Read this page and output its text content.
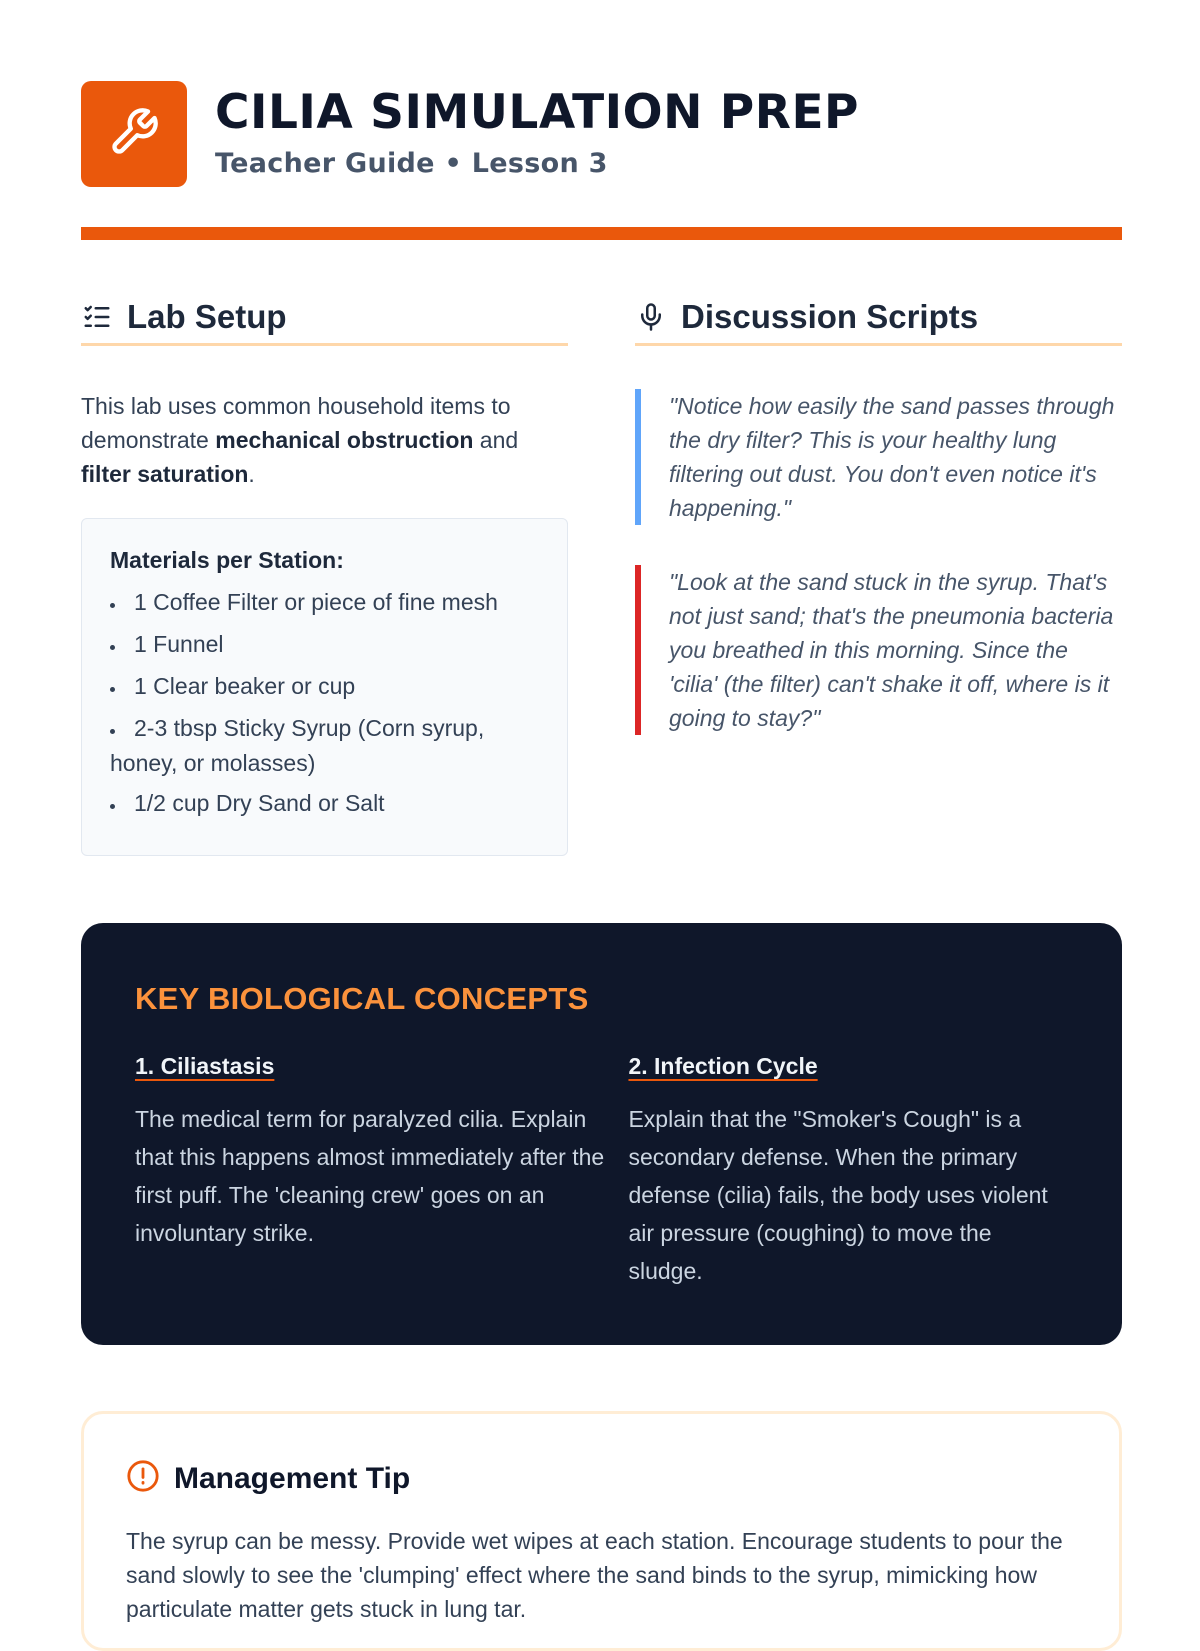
CILIA SIMULATION PREP
Teacher Guide • Lesson 3
Lab Setup

This lab uses common household items to demonstrate mechanical obstruction and filter saturation.

Materials per Station:
• 1 Coffee Filter or piece of fine mesh
• 1 Funnel
• 1 Clear beaker or cup
• 2-3 tbsp Sticky Syrup (Corn syrup, honey, or molasses)
• 1/2 cup Dry Sand or Salt
Discussion Scripts
"Notice how easily the sand passes through the dry filter? This is your healthy lung filtering out dust. You don't even notice it's happening."
"Look at the sand stuck in the syrup. That's not just sand; that's the pneumonia bacteria you breathed in this morning. Since the 'cilia' (the filter) can't shake it off, where is it going to stay?"
KEY BIOLOGICAL CONCEPTS
1. Ciliastasis

The medical term for paralyzed cilia. Explain that this happens almost immediately after the first puff. The 'cleaning crew' goes on an involuntary strike.

2. Infection Cycle

Explain that the "Smoker's Cough" is a secondary defense. When the primary defense (cilia) fails, the body uses violent air pressure (coughing) to move the sludge.

Management Tip

The syrup can be messy. Provide wet wipes at each station. Encourage students to pour the sand slowly to see the 'clumping' effect where the sand binds to the syrup, mimicking how particulate matter gets stuck in lung tar.
